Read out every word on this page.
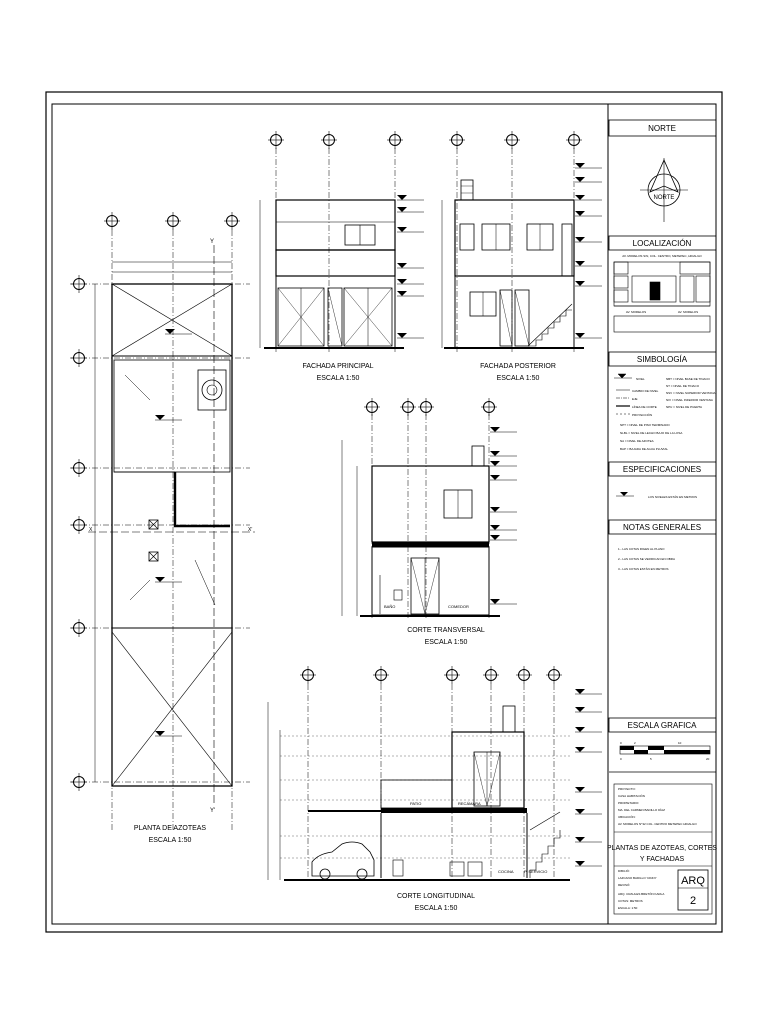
X	X'
Y
Y'
PLANTA DE AZOTEAS
ESCALA 1:50
FACHADA PRINCIPAL
ESCALA 1:50
FACHADA POSTERIOR
ESCALA 1:50
BAÑO	COMEDOR
CORTE TRANSVERSAL
ESCALA 1:50
PATIO	RECÁMARA
COCINA	P. SERVICIO
CORTE LONGITUDINAL
ESCALA 1:50
NORTE
NORTE
LOCALIZACIÓN
AV. MORELOS S/N, COL. CENTRO, METEPEC, HIDALGO
AV. MORELOS	AV. MORELOS
SIMBOLOGÍA
NIVEL
CAMBIO DE NIVEL
EJE
LÍNEA DE CORTE
PROYECCIÓN
NPT = NIVEL DE PISO TERMINADO
NLBL = NIVEL DE LECHO BAJO DE LA LOSA
NA = NIVEL DE AZOTEA
BAP = BAJADA DE AGUA PLUVIAL
NBT = NIVEL BASE DE TINACO
NT = NIVEL DE TINACO
NSV = NIVEL SUPERIOR VENTANA
NIV = NIVEL INFERIOR VENTANA
NPU = NIVEL DE PUERTA
ESPECIFICACIONES
LOS NIVELES ESTÁN EN METROS
NOTAS GENERALES
1.- LAS COTAS RIGEN AL PLANO
2.- LAS COTAS SE VERIFICAN EN OBRA
3.- LAS COTAS ESTÁN EN METROS
ESCALA GRAFICA
0	2	10
0	5	20
PROYECTO:
CASA HABITACIÓN
PROPIETARIO:
MA. DEL CARMEN BADILLO DÍAZ
UBICACIÓN:
AV. MORELOS N°32 COL. CENTRO METEPEC HIDALGO
PLANTAS DE AZOTEAS, CORTES
Y FACHADAS
DIBUJÓ:
LAZCANO BADILLO YANNY
REVISÓ:
ARQ. CRAULES BRETÓN KARLA
COTAS: METROS
ESCALA: 1:50
ARQ
2
